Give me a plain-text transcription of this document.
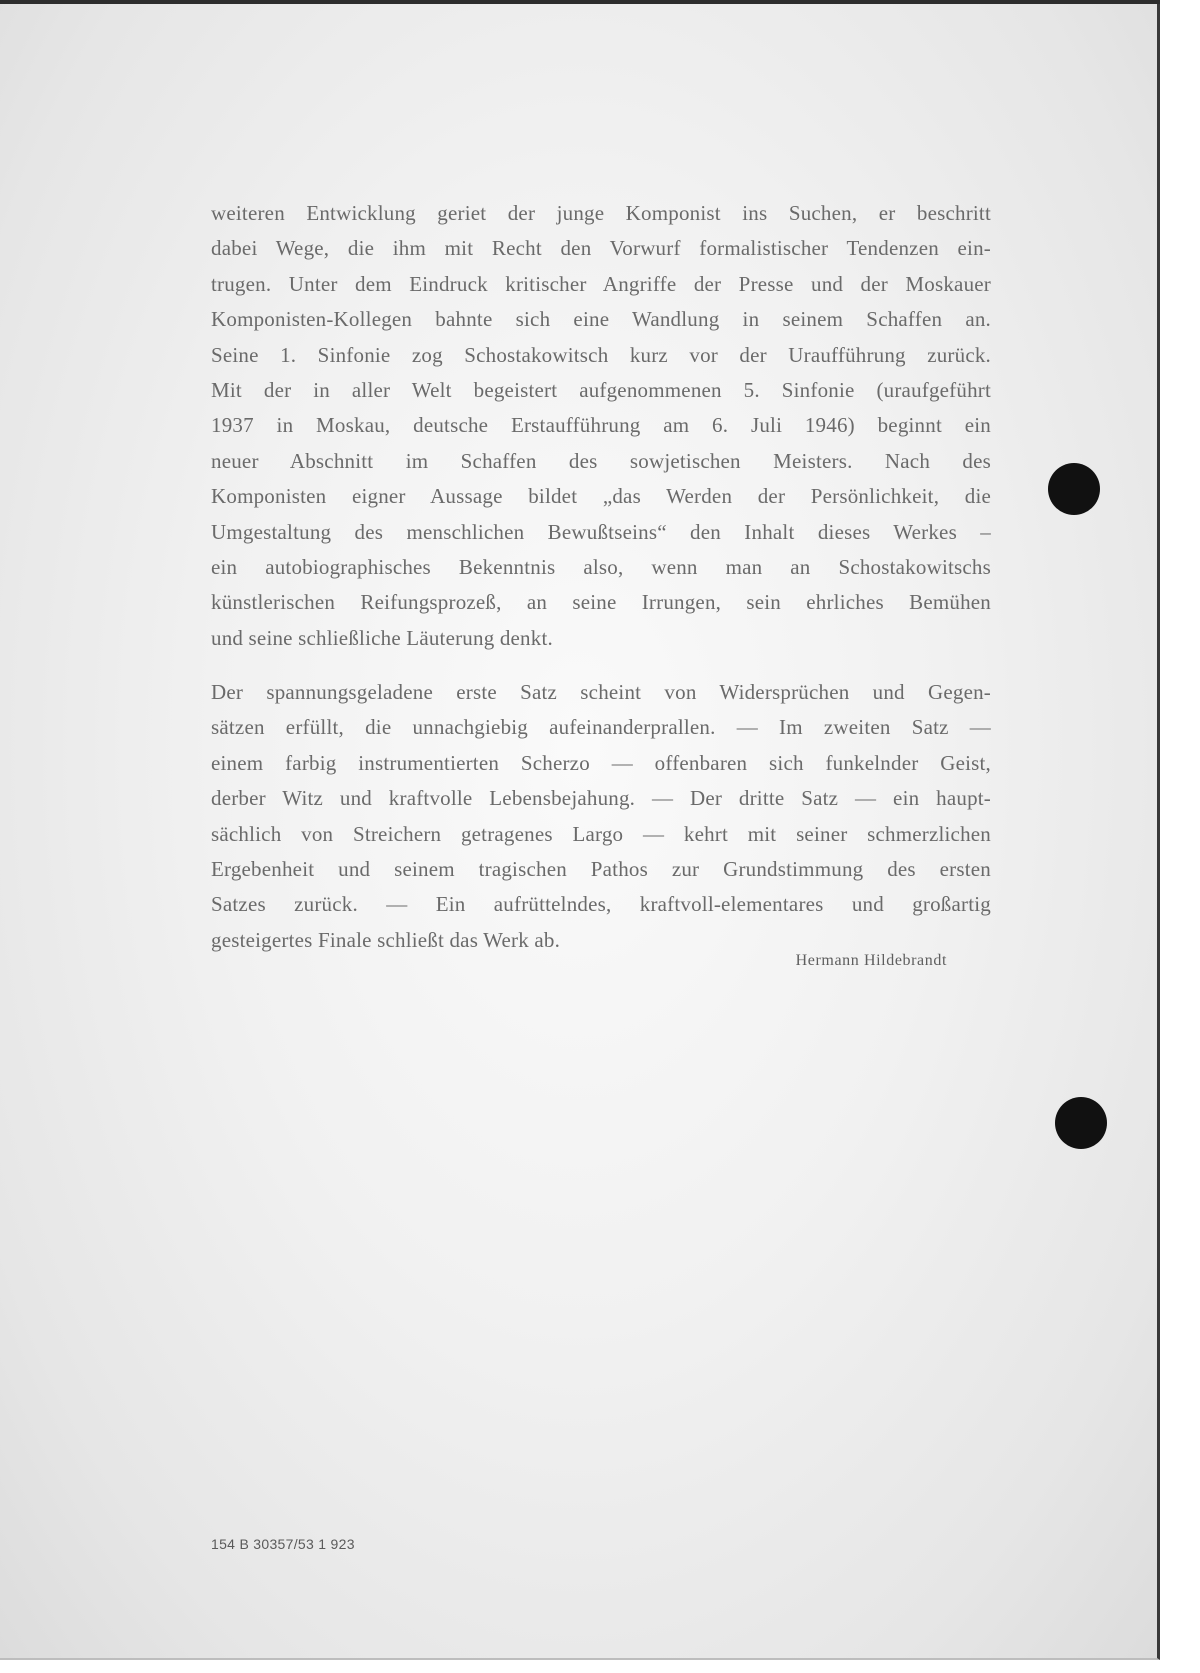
weiteren Entwicklung geriet der junge Komponist ins Suchen, er beschritt
dabei Wege, die ihm mit Recht den Vorwurf formalistischer Tendenzen ein-
trugen. Unter dem Eindruck kritischer Angriffe der Presse und der Moskauer
Komponisten-Kollegen bahnte sich eine Wandlung in seinem Schaffen an.
Seine 1. Sinfonie zog Schostakowitsch kurz vor der Uraufführung zurück.
Mit der in aller Welt begeistert aufgenommenen 5. Sinfonie (uraufgeführt
1937 in Moskau, deutsche Erstaufführung am 6. Juli 1946) beginnt ein
neuer Abschnitt im Schaffen des sowjetischen Meisters. Nach des
Komponisten eigner Aussage bildet „das Werden der Persönlichkeit, die
Umgestaltung des menschlichen Bewußtseins“ den Inhalt dieses Werkes –
ein autobiographisches Bekenntnis also, wenn man an Schostakowitschs
künstlerischen Reifungsprozeß, an seine Irrungen, sein ehrliches Bemühen
und seine schließliche Läuterung denkt.

Der spannungsgeladene erste Satz scheint von Widersprüchen und Gegen-
sätzen erfüllt, die unnachgiebig aufeinanderprallen. — Im zweiten Satz —
einem farbig instrumentierten Scherzo — offenbaren sich funkelnder Geist,
derber Witz und kraftvolle Lebensbejahung. — Der dritte Satz — ein haupt-
sächlich von Streichern getragenes Largo — kehrt mit seiner schmerzlichen
Ergebenheit und seinem tragischen Pathos zur Grundstimmung des ersten
Satzes zurück. — Ein aufrüttelndes, kraftvoll-elementares und großartig
gesteigertes Finale schließt das Werk ab.

Hermann Hildebrandt
154 B 30357/53 1 923
